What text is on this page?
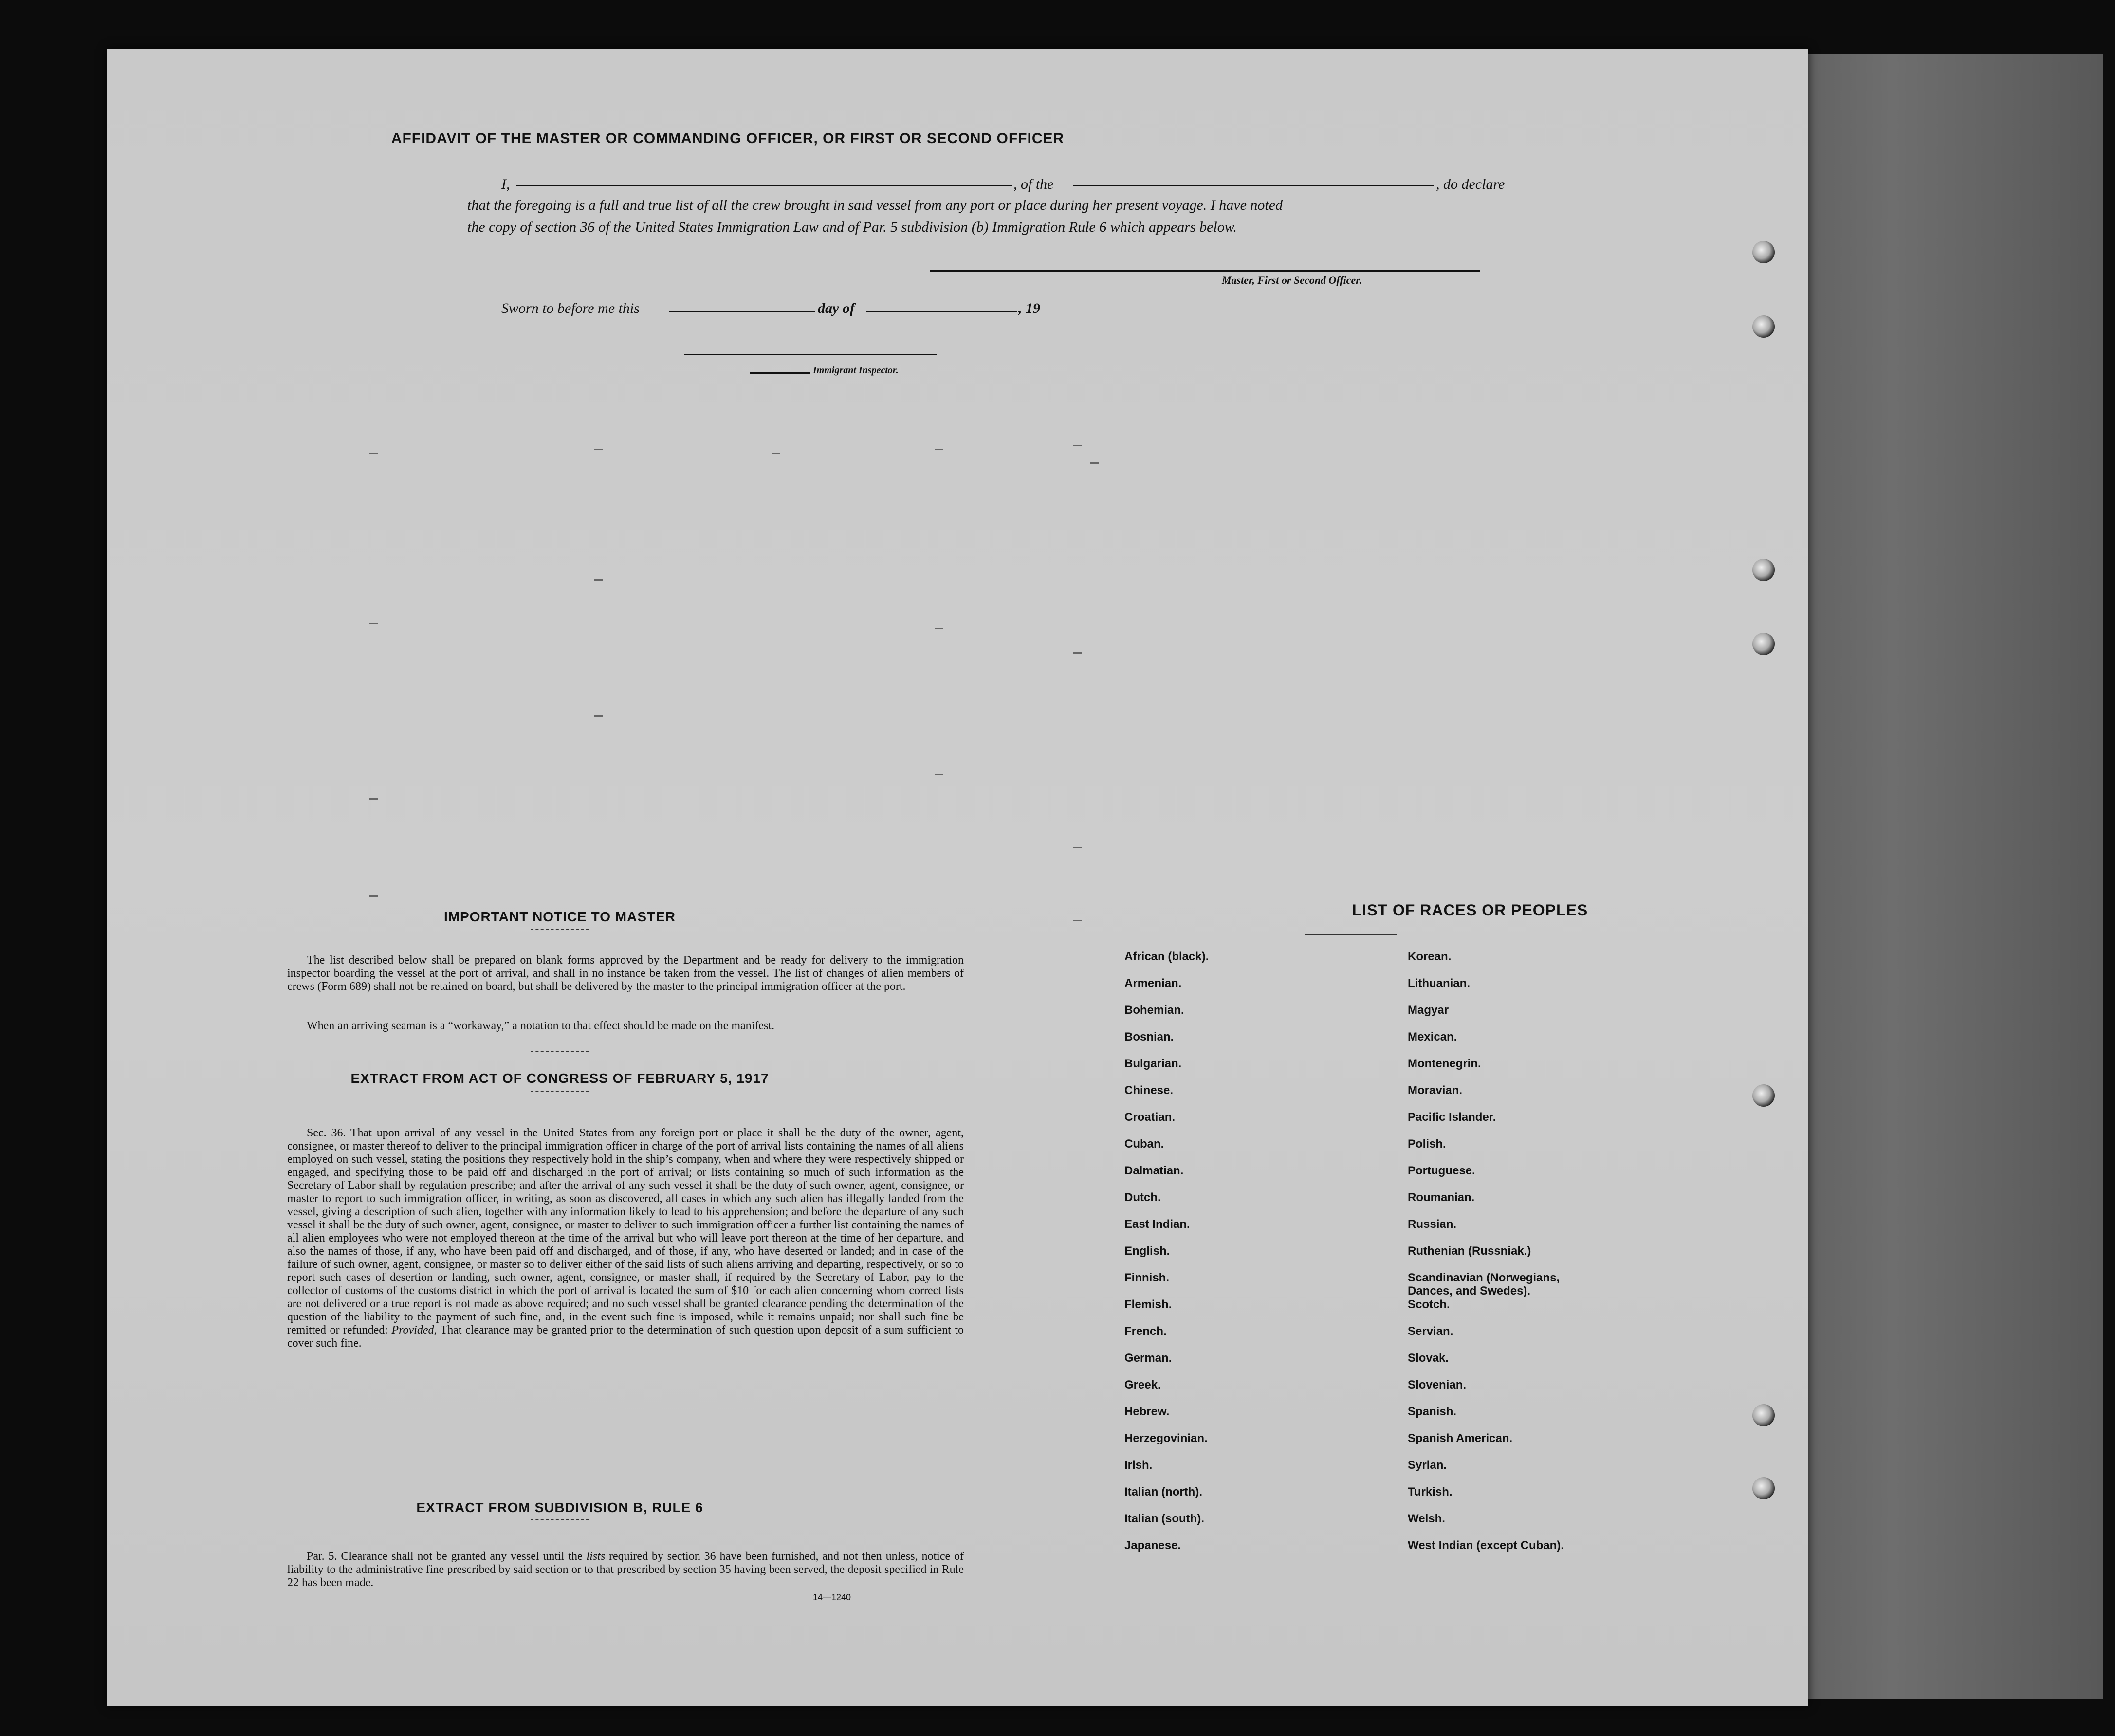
AFFIDAVIT OF THE MASTER OR COMMANDING OFFICER, OR FIRST OR SECOND OFFICER
I,	, of the	, do declare
that the foregoing is a full and true list of all the crew brought in said vessel from any port or place during her present voyage. I have noted
the copy of section 36 of the United States Immigration Law and of Par. 5 subdivision (b) Immigration Rule 6 which appears below.
Master, First or Second Officer.
Sworn to before me this	day of	, 19
Immigrant Inspector.
IMPORTANT NOTICE TO MASTER
The list described below shall be prepared on blank forms approved by the Department and be ready for delivery to the immigration inspector boarding the vessel at the port of arrival, and shall in no instance be taken from the vessel. The list of changes of alien members of crews (Form 689) shall not be retained on board, but shall be delivered by the master to the principal immigration officer at the port.
When an arriving seaman is a “workaway,” a notation to that effect should be made on the manifest.
EXTRACT FROM ACT OF CONGRESS OF FEBRUARY 5, 1917
Sec. 36. That upon arrival of any vessel in the United States from any foreign port or place it shall be the duty of the owner, agent, consignee, or master thereof to deliver to the principal immigration officer in charge of the port of arrival lists containing the names of all aliens employed on such vessel, stating the positions they respectively hold in the ship’s company, when and where they were respectively shipped or engaged, and specifying those to be paid off and discharged in the port of arrival; or lists containing so much of such information as the Secretary of Labor shall by regulation prescribe; and after the arrival of any such vessel it shall be the duty of such owner, agent, consignee, or master to report to such immigration officer, in writing, as soon as discovered, all cases in which any such alien has illegally landed from the vessel, giving a description of such alien, together with any information likely to lead to his apprehension; and before the departure of any such vessel it shall be the duty of such owner, agent, consignee, or master to deliver to such immigration officer a further list containing the names of all alien employees who were not employed thereon at the time of the arrival but who will leave port thereon at the time of her departure, and also the names of those, if any, who have been paid off and discharged, and of those, if any, who have deserted or landed; and in case of the failure of such owner, agent, consignee, or master so to deliver either of the said lists of such aliens arriving and departing, respectively, or so to report such cases of desertion or landing, such owner, agent, consignee, or master shall, if required by the Secretary of Labor, pay to the collector of customs of the customs district in which the port of arrival is located the sum of $10 for each alien concerning whom correct lists are not delivered or a true report is not made as above required; and no such vessel shall be granted clearance pending the determination of the question of the liability to the payment of such fine, and, in the event such fine is imposed, while it remains unpaid; nor shall such fine be remitted or refunded: Provided, That clearance may be granted prior to the determination of such question upon deposit of a sum sufficient to cover such fine.
EXTRACT FROM SUBDIVISION B, RULE 6
Par. 5. Clearance shall not be granted any vessel until the lists required by section 36 have been furnished, and not then unless, notice of liability to the administrative fine prescribed by said section or to that prescribed by section 35 having been served, the deposit specified in Rule 22 has been made.
14—1240
LIST OF RACES OR PEOPLES
African (black).
Armenian.
Bohemian.
Bosnian.
Bulgarian.
Chinese.
Croatian.
Cuban.
Dalmatian.
Dutch.
East Indian.
English.
Finnish.
Flemish.
French.
German.
Greek.
Hebrew.
Herzegovinian.
Irish.
Italian (north).
Italian (south).
Japanese.
Korean.
Lithuanian.
Magyar
Mexican.
Montenegrin.
Moravian.
Pacific Islander.
Polish.
Portuguese.
Roumanian.
Russian.
Ruthenian (Russniak.)
Scandinavian (Norwegians, Dances, and Swedes).
Scotch.
Servian.
Slovak.
Slovenian.
Spanish.
Spanish American.
Syrian.
Turkish.
Welsh.
West Indian (except Cuban).
